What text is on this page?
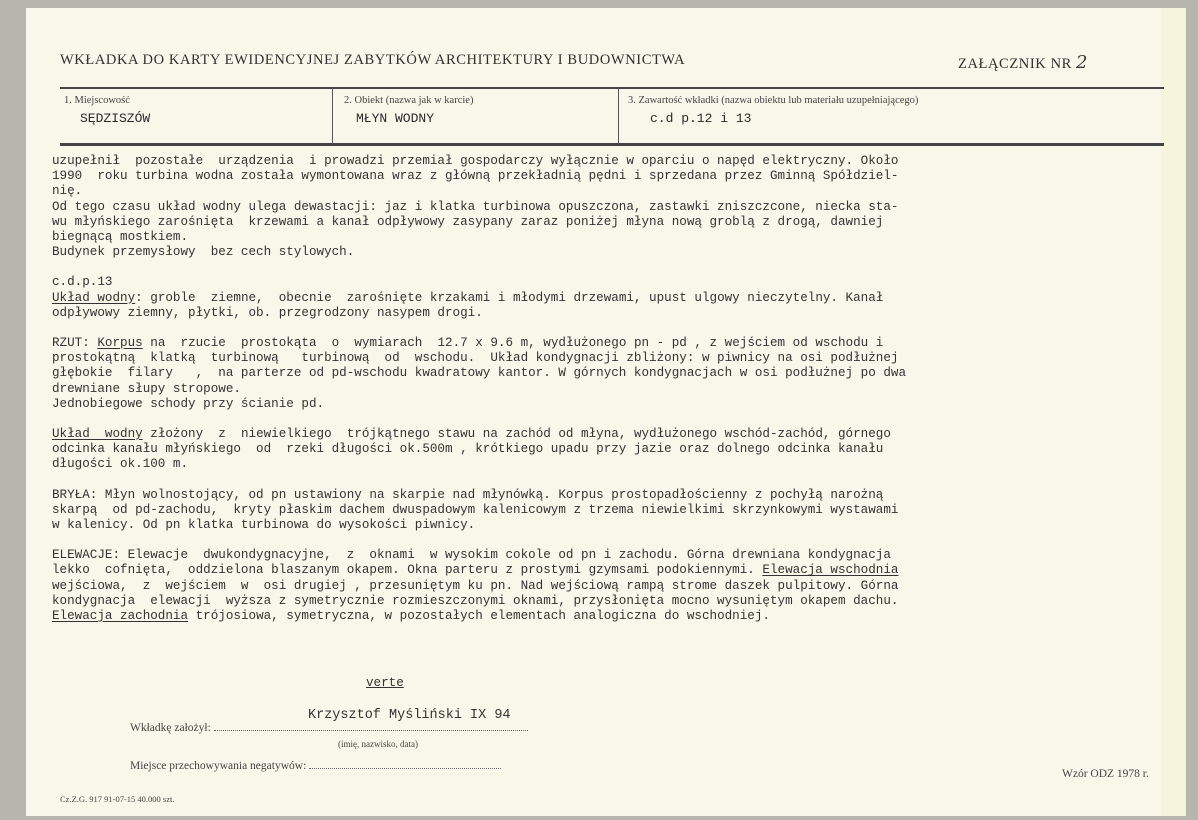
WKŁADKA DO KARTY EWIDENCYJNEJ ZABYTKÓW ARCHITEKTURY I BUDOWNICTWA	ZAŁĄCZNIK NR 2
1. Miejscowość
SĘDZISZÓW
2. Obiekt (nazwa jak w karcie)
MŁYN WODNY
3. Zawartość wkładki (nazwa obiektu lub materiału uzupełniającego)
c.d p.12 i 13
uzupełnił  pozostałe  urządzenia  i prowadzi przemiał gospodarczy wyłącznie w oparciu o napęd elektryczny. Około
1990  roku turbina wodna została wymontowana wraz z główną przekładnią pędni i sprzedana przez Gminną Spółdziel-
nię.
Od tego czasu układ wodny ulega dewastacji: jaz i klatka turbinowa opuszczona, zastawki zniszczcone, niecka sta-
wu młyńskiego zarośnięta  krzewami a kanał odpływowy zasypany zaraz poniżej młyna nową groblą z drogą, dawniej
biegnącą mostkiem.
Budynek przemysłowy  bez cech stylowych.
c.d.p.13
Układ wodny: groble  ziemne,  obecnie  zarośnięte krzakami i młodymi drzewami, upust ulgowy nieczytelny. Kanał
odpływowy ziemny, płytki, ob. przegrodzony nasypem drogi.
RZUT: Korpus na  rzucie  prostokąta  o  wymiarach  12.7 x 9.6 m, wydłużonego pn - pd , z wejściem od wschodu i
prostokątną  klatką  turbinową   turbinową  od  wschodu.  Układ kondygnacji zbliżony: w piwnicy na osi podłużnej
głębokie  filary   ,  na parterze od pd-wschodu kwadratowy kantor. W górnych kondygnacjach w osi podłużnej po dwa
drewniane słupy stropowe.
Jednobiegowe schody przy ścianie pd.
Układ  wodny złożony  z  niewielkiego  trójkątnego stawu na zachód od młyna, wydłużonego wschód-zachód, górnego
odcinka kanału młyńskiego  od  rzeki długości ok.500m , krótkiego upadu przy jazie oraz dolnego odcinka kanału
długości ok.100 m.
BRYŁA: Młyn wolnostojący, od pn ustawiony na skarpie nad młynówką. Korpus prostopadłościenny z pochyłą narożną
skarpą  od pd-zachodu,  kryty płaskim dachem dwuspadowym kalenicowym z trzema niewielkimi skrzynkowymi wystawami
w kalenicy. Od pn klatka turbinowa do wysokości piwnicy.
ELEWACJE: Elewacje  dwukondygnacyjne,  z  oknami  w wysokim cokole od pn i zachodu. Górna drewniana kondygnacja
lekko  cofnięta,  oddzielona blaszanym okapem. Okna parteru z prostymi gzymsami podokiennymi. Elewacja wschodnia
wejściowa,  z  wejściem  w  osi drugiej , przesuniętym ku pn. Nad wejściową rampą strome daszek pulpitowy. Górna
kondygnacja  elewacji  wyższa z symetrycznie rozmieszczonymi oknami, przysłonięta mocno wysuniętym okapem dachu.
Elewacja zachodnia trójosiowa, symetryczna, w pozostałych elementach analogiczna do wschodniej.
verte
Krzysztof Myśliński IX 94
Wkładkę założył:
(imię, nazwisko, data)
Miejsce przechowywania negatywów:
Wzór ODZ 1978 r.
Cz.Z.G. 917 91-07-15 40.000 szt.
